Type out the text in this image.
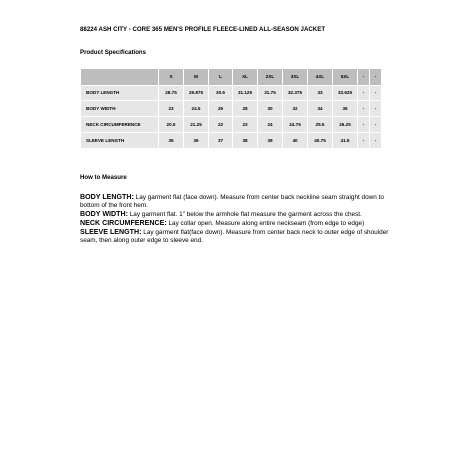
88224 ASH CITY - CORE 365 MEN'S PROFILE FLEECE-LINED ALL-SEASON JACKET
Product Specifications
	S	M	L	XL	2XL	3XL	4XL	5XL	-	-
BODY LENGTH	28.75	29.875	30.5	31.125	31.75	32.375	33	33.625	-	-
BODY WIDTH	23	24.5	26	28	30	32	34	36	-	-
NECK CIRCUMFERENCE	20.5	21.25	22	23	24	24.75	25.5	26.25	-	-
SLEEVE LENGTH	35	36	37	38	39	40	40.75	41.5	-	-
How to Measure
BODY LENGTH: Lay garment flat (face down). Measure from center back neckline seam straight down to bottom of the front hem.
BODY WIDTH: Lay garment flat. 1" below the armhole flat measure the garment across the chest.
NECK CIRCUMFERENCE: Lay collar open. Measure along entire neckseam (from edge to edge)
SLEEVE LENGTH: Lay garment flat(face down). Measure from center back neck to outer edge of shoulder seam, then along outer edge to sleeve end.
